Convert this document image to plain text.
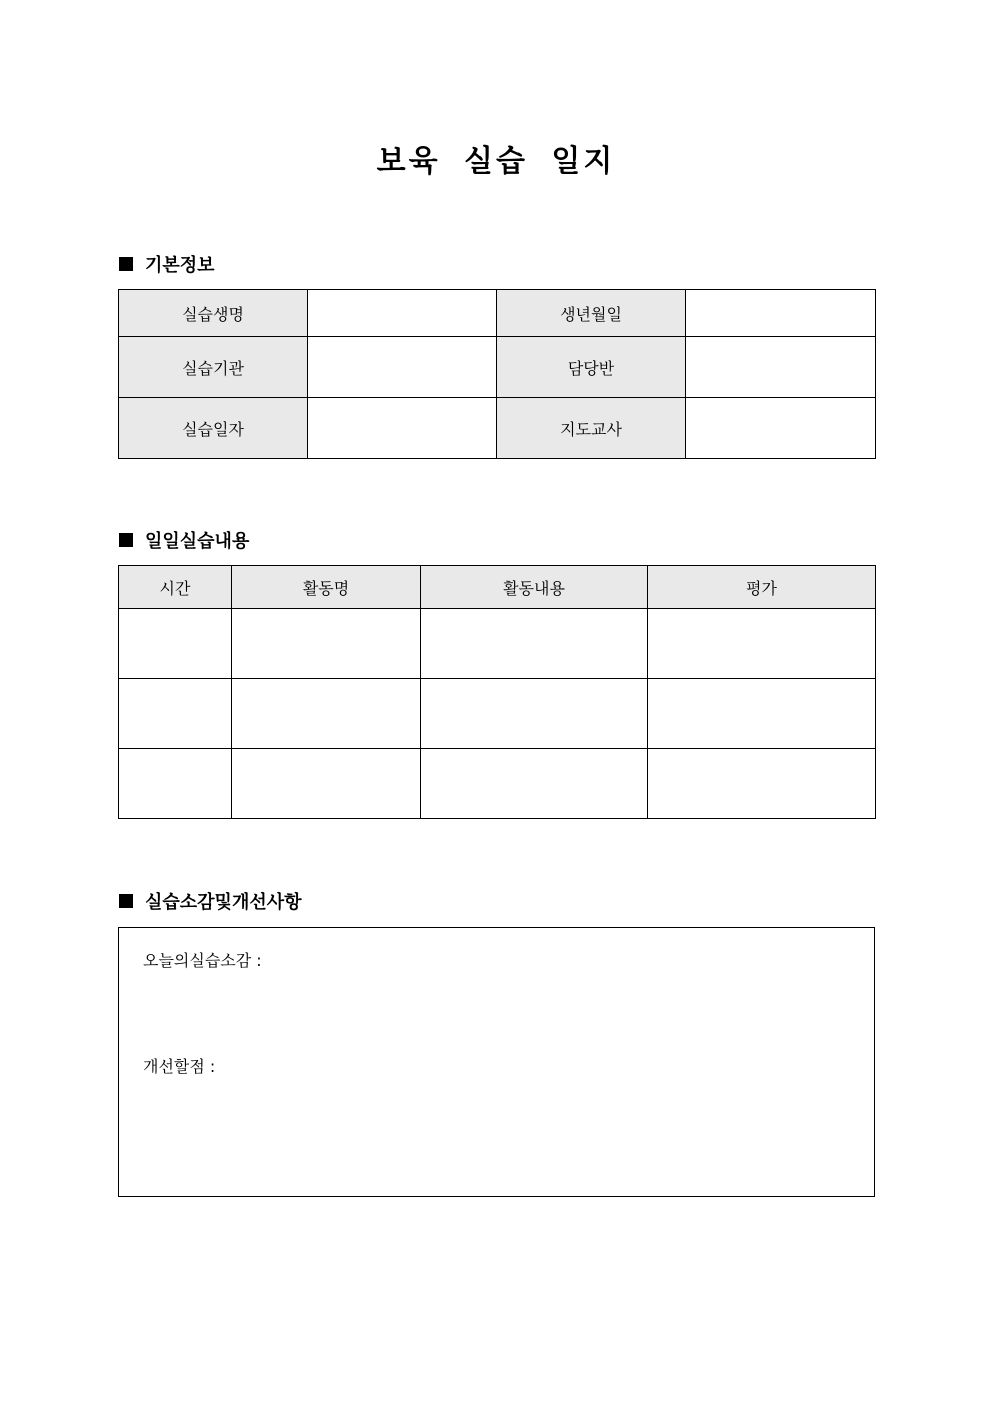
보육 실습 일지
기본정보
실습생명		생년월일	
실습기관		담당반	
실습일자		지도교사	
일일실습내용
시간	활동명	활동내용	평가

실습소감및개선사항
오늘의실습소감 :
개선할점 :
